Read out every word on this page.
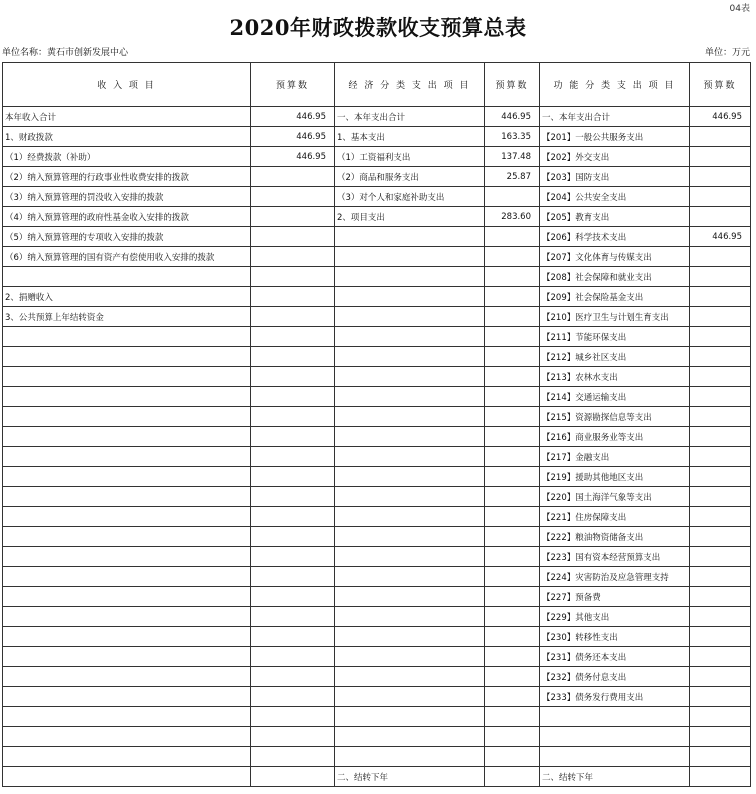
04表
2020年财政拨款收支预算总表
单位名称：黄石市创新发展中心	单位：万元
收 入 项 目	预算数	经 济 分 类 支 出 项 目	预算数	功 能 分 类 支 出 项 目	预算数
本年收入合计	446.95	一、本年支出合计	446.95	一、本年支出合计	446.95
1、财政拨款	446.95	1、基本支出	163.35	【201】一般公共服务支出	
（1）经费拨款（补助）	446.95	（1）工资福利支出	137.48	【202】外交支出	
（2）纳入预算管理的行政事业性收费安排的拨款		（2）商品和服务支出	25.87	【203】国防支出	
（3）纳入预算管理的罚没收入安排的拨款		（3）对个人和家庭补助支出		【204】公共安全支出	
（4）纳入预算管理的政府性基金收入安排的拨款		2、项目支出	283.60	【205】教育支出	
（5）纳入预算管理的专项收入安排的拨款				【206】科学技术支出	446.95
（6）纳入预算管理的国有资产有偿使用收入安排的拨款				【207】文化体育与传媒支出	
				【208】社会保障和就业支出	
2、捐赠收入				【209】社会保险基金支出	
3、公共预算上年结转资金				【210】医疗卫生与计划生育支出	
				【211】节能环保支出	
				【212】城乡社区支出	
				【213】农林水支出	
				【214】交通运输支出	
				【215】资源勘探信息等支出	
				【216】商业服务业等支出	
				【217】金融支出	
				【219】援助其他地区支出	
				【220】国土海洋气象等支出	
				【221】住房保障支出	
				【222】粮油物资储备支出	
				【223】国有资本经营预算支出	
				【224】灾害防治及应急管理支持	
				【227】预备费	
				【229】其他支出	
				【230】转移性支出	
				【231】债务还本支出	
				【232】债务付息支出	
				【233】债务发行费用支出	

		二、结转下年		二、结转下年	
